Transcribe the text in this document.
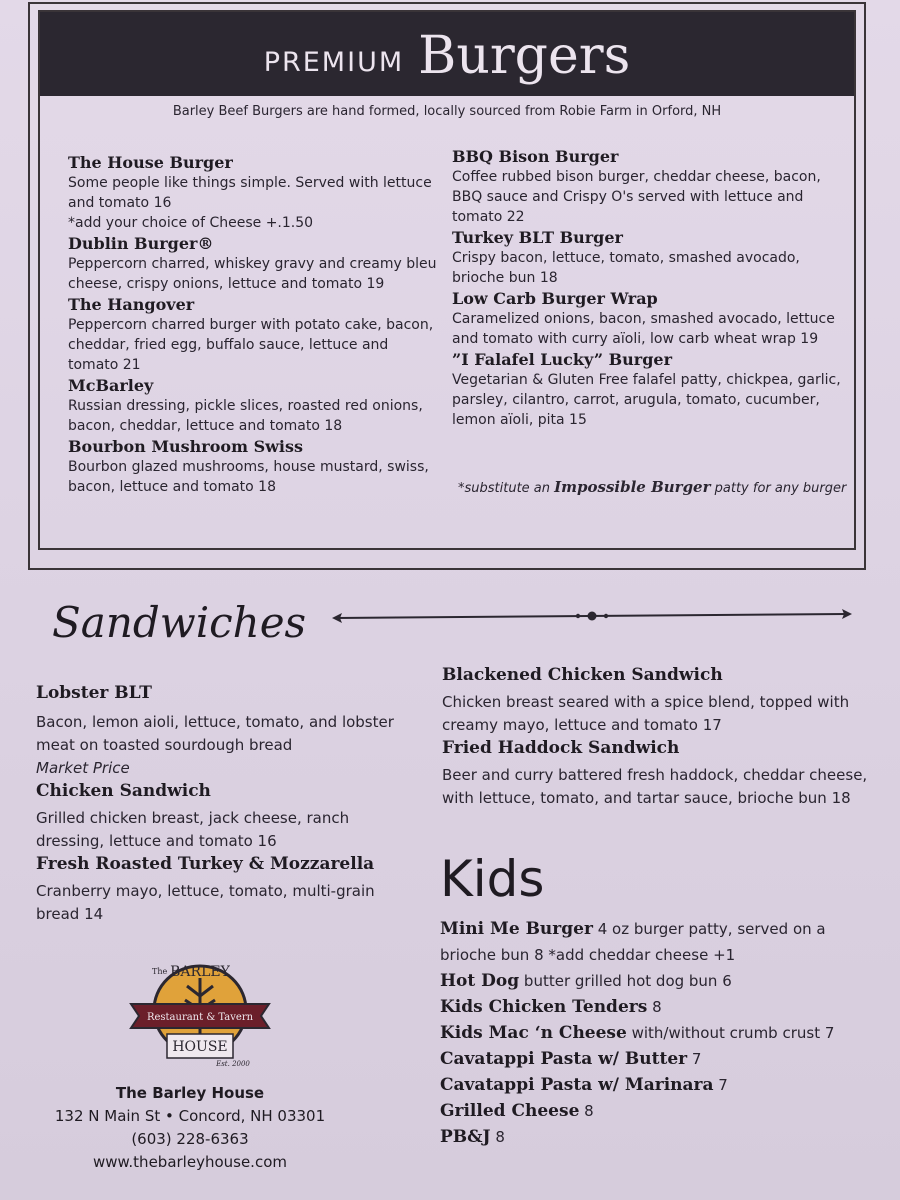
PREMIUM Burgers
Barley Beef Burgers are hand formed, locally sourced from Robie Farm in Orford, NH
The House Burger
Some people like things simple. Served with lettuce and tomato 16
*add your choice of Cheese +.1.50
Dublin Burger®
Peppercorn charred, whiskey gravy and creamy bleu cheese, crispy onions, lettuce and tomato 19
The Hangover
Peppercorn charred burger with potato cake, bacon, cheddar, fried egg, buffalo sauce, lettuce and tomato 21
McBarley
Russian dressing, pickle slices, roasted red onions, bacon, cheddar, lettuce and tomato 18
Bourbon Mushroom Swiss
Bourbon glazed mushrooms, house mustard, swiss, bacon, lettuce and tomato 18
BBQ Bison Burger
Coffee rubbed bison burger, cheddar cheese, bacon, BBQ sauce and Crispy O's served with lettuce and tomato 22
Turkey BLT Burger
Crispy bacon, lettuce, tomato, smashed avocado, brioche bun 18
Low Carb Burger Wrap
Caramelized onions, bacon, smashed avocado, lettuce and tomato with curry aïoli, low carb wheat wrap 19
”I Falafel Lucky” Burger
Vegetarian & Gluten Free falafel patty, chickpea, garlic, parsley, cilantro, carrot, arugula, tomato, cucumber, lemon aïoli, pita 15
*substitute an Impossible Burger patty for any burger
Sandwiches
Lobster BLT
Bacon, lemon aioli, lettuce, tomato, and lobster meat on toasted sourdough bread
Market Price
Chicken Sandwich
Grilled chicken breast, jack cheese, ranch dressing, lettuce and tomato 16
Fresh Roasted Turkey & Mozzarella
Cranberry mayo, lettuce, tomato, multi-grain bread 14
Blackened Chicken Sandwich
Chicken breast seared with a spice blend, topped with creamy mayo, lettuce and tomato 17
Fried Haddock Sandwich
Beer and curry battered fresh haddock, cheddar cheese, with lettuce, tomato, and tartar sauce, brioche bun 18
Kids
Mini Me Burger 4 oz burger patty, served on a
brioche bun 8 *add cheddar cheese +1
Hot Dog butter grilled hot dog bun 6
Kids Chicken Tenders 8
Kids Mac ‘n Cheese with/without crumb crust 7
Cavatappi Pasta w/ Butter 7
Cavatappi Pasta w/ Marinara 7
Grilled Cheese 8
PB&J 8
The BARLEY
Restaurant & Tavern
HOUSE
Est. 2000
The Barley House
132 N Main St • Concord, NH 03301
(603) 228-6363
www.thebarleyhouse.com
